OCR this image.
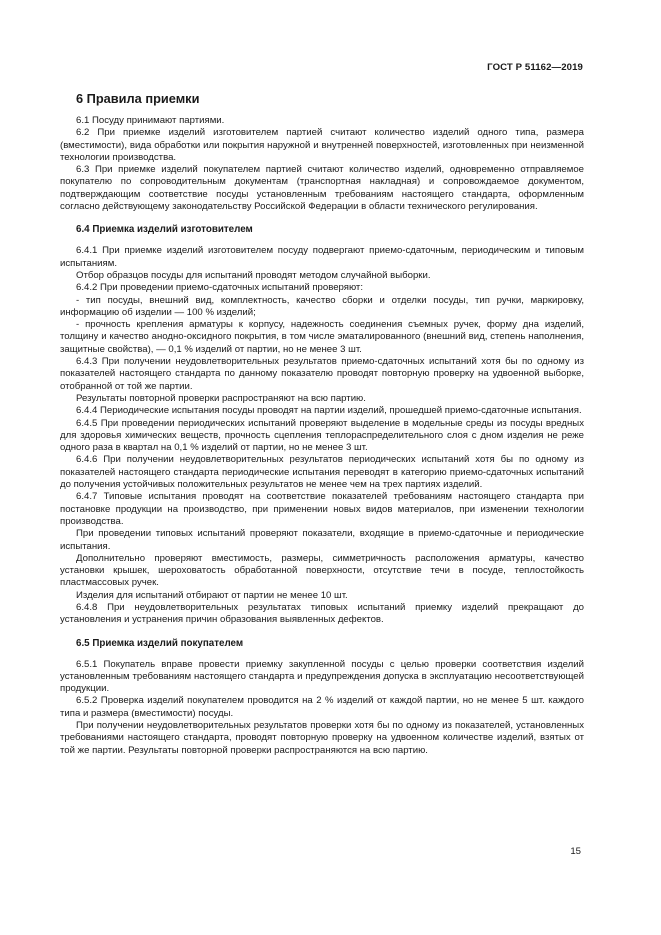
ГОСТ Р 51162—2019
6 Правила приемки

6.1 Посуду принимают партиями.

6.2 При приемке изделий изготовителем партией считают количество изделий одного типа, размера (вместимости), вида обработки или покрытия наружной и внутренней поверхностей, изготовленных при неизменной технологии производства.

6.3 При приемке изделий покупателем партией считают количество изделий, одновременно отправляемое покупателю по сопроводительным документам (транспортная накладная) и сопровождаемое документом, подтверждающим соответствие посуды установленным требованиям настоящего стандарта, оформленным согласно действующему законодательству Российской Федерации в области технического регулирования.

6.4 Приемка изделий изготовителем

6.4.1 При приемке изделий изготовителем посуду подвергают приемо-сдаточным, периодическим и типовым испытаниям.

Отбор образцов посуды для испытаний проводят методом случайной выборки.

6.4.2 При проведении приемо-сдаточных испытаний проверяют:

- тип посуды, внешний вид, комплектность, качество сборки и отделки посуды, тип ручки, маркировку, информацию об изделии — 100 % изделий;

- прочность крепления арматуры к корпусу, надежность соединения съемных ручек, форму дна изделий, толщину и качество анодно-оксидного покрытия, в том числе эматалированного (внешний вид, степень наполнения, защитные свойства), — 0,1 % изделий от партии, но не менее 3 шт.

6.4.3 При получении неудовлетворительных результатов приемо-сдаточных испытаний хотя бы по одному из показателей настоящего стандарта по данному показателю проводят повторную проверку на удвоенной выборке, отобранной от той же партии.

Результаты повторной проверки распространяют на всю партию.

6.4.4 Периодические испытания посуды проводят на партии изделий, прошедшей приемо-сдаточные испытания.

6.4.5 При проведении периодических испытаний проверяют выделение в модельные среды из посуды вредных для здоровья химических веществ, прочность сцепления теплораспределительного слоя с дном изделия не реже одного раза в квартал на 0,1 % изделий от партии, но не менее 3 шт.

6.4.6 При получении неудовлетворительных результатов периодических испытаний хотя бы по одному из показателей настоящего стандарта периодические испытания переводят в категорию приемо-сдаточных испытаний до получения устойчивых положительных результатов не менее чем на трех партиях изделий.

6.4.7 Типовые испытания проводят на соответствие показателей требованиям настоящего стандарта при постановке продукции на производство, при применении новых видов материалов, при изменении технологии производства.

При проведении типовых испытаний проверяют показатели, входящие в приемо-сдаточные и периодические испытания.

Дополнительно проверяют вместимость, размеры, симметричность расположения арматуры, качество установки крышек, шероховатость обработанной поверхности, отсутствие течи в посуде, теплостойкость пластмассовых ручек.

Изделия для испытаний отбирают от партии не менее 10 шт.

6.4.8 При неудовлетворительных результатах типовых испытаний приемку изделий прекращают до установления и устранения причин образования выявленных дефектов.

6.5 Приемка изделий покупателем

6.5.1 Покупатель вправе провести приемку закупленной посуды с целью проверки соответствия изделий установленным требованиям настоящего стандарта и предупреждения допуска в эксплуатацию несоответствующей продукции.

6.5.2 Проверка изделий покупателем проводится на 2 % изделий от каждой партии, но не менее 5 шт. каждого типа и размера (вместимости) посуды.

При получении неудовлетворительных результатов проверки хотя бы по одному из показателей, установленных требованиями настоящего стандарта, проводят повторную проверку на удвоенном количестве изделий, взятых от той же партии. Результаты повторной проверки распространяются на всю партию.

15
